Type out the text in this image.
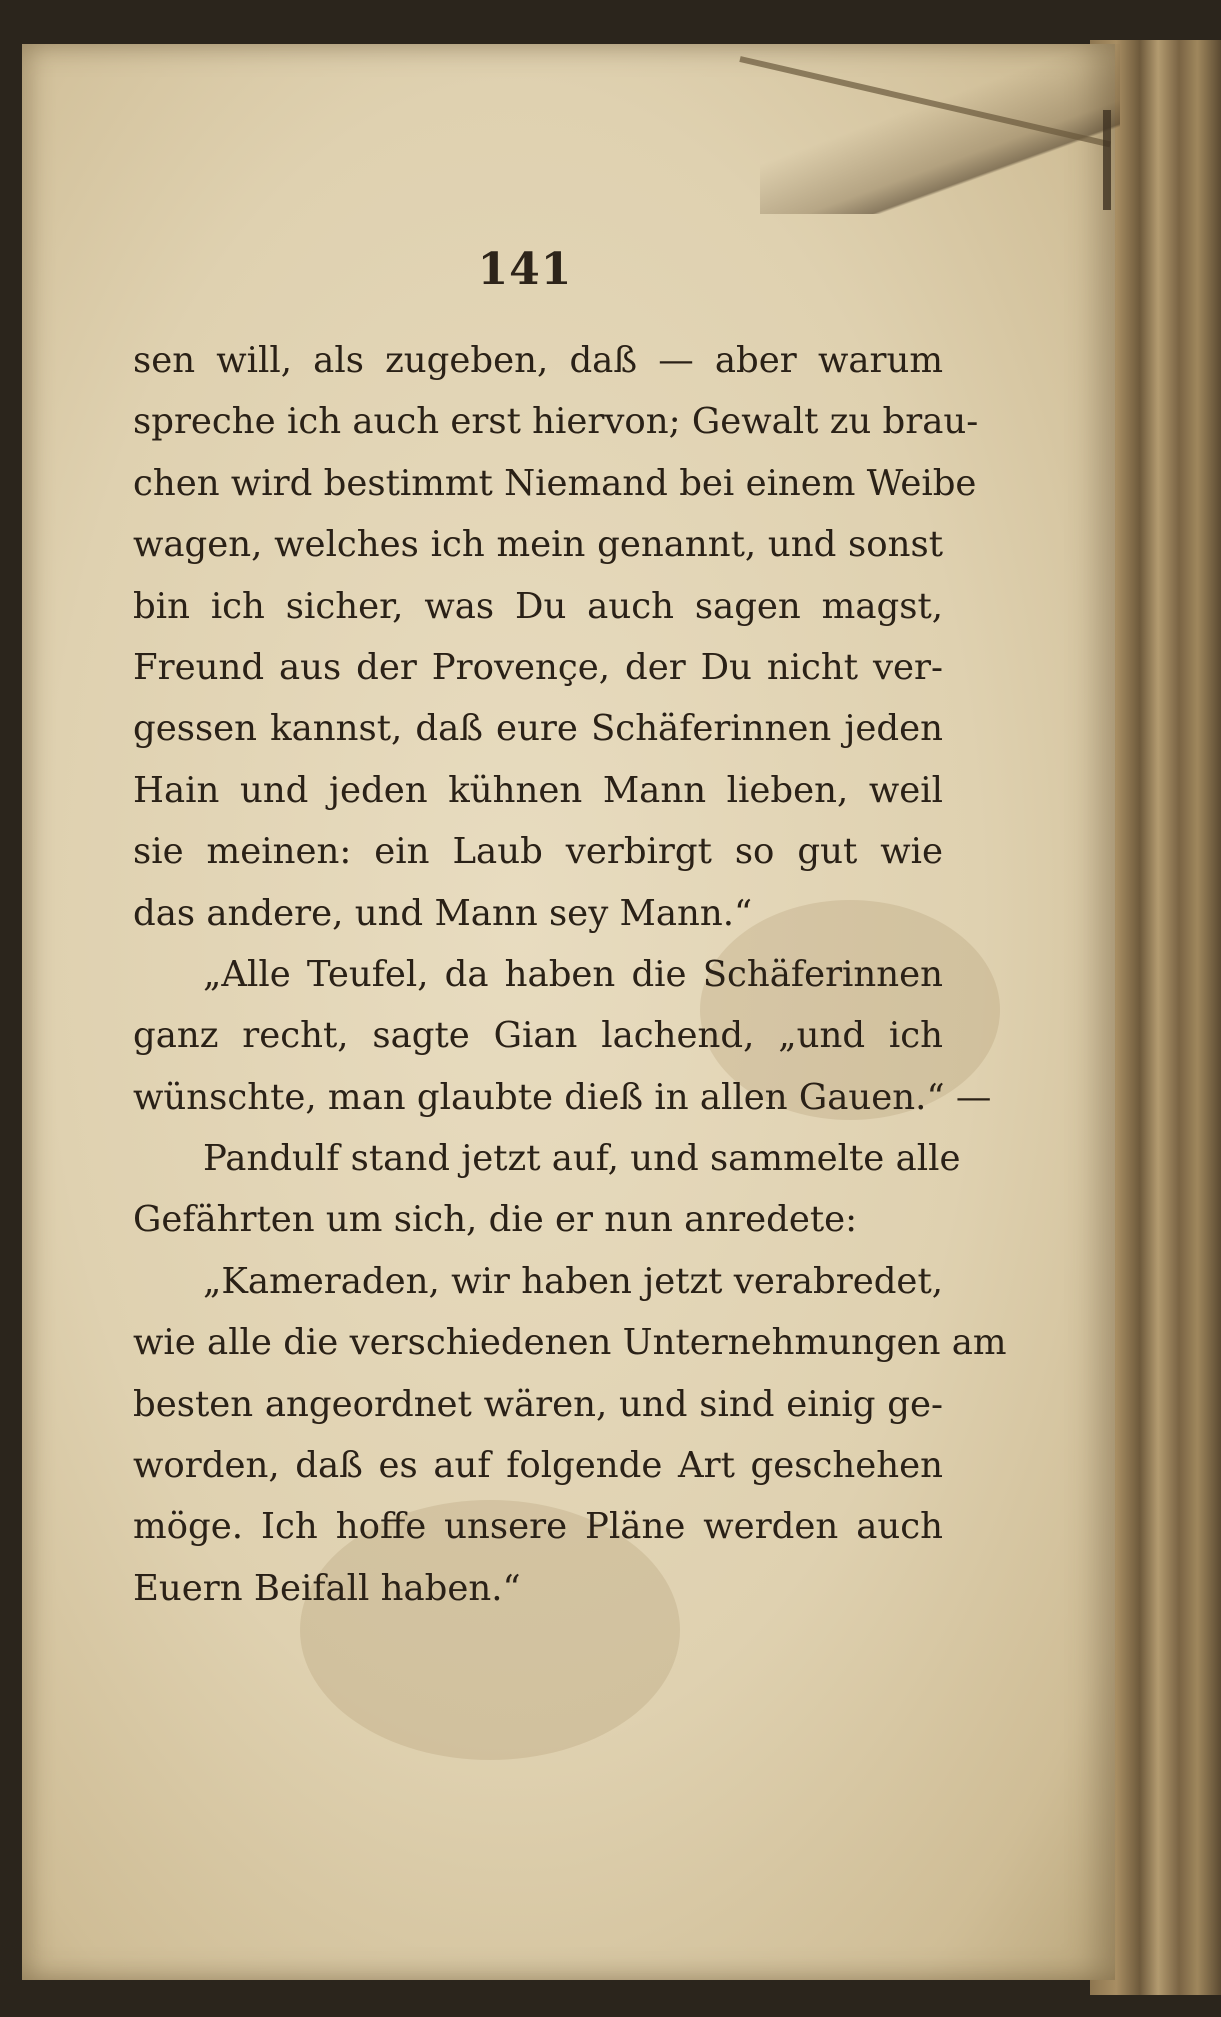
141
sen will, als zugeben, daß — aber warum
spreche ich auch erst hiervon; Gewalt zu brau-
chen wird bestimmt Niemand bei einem Weibe
wagen, welches ich mein genannt, und sonst
bin ich sicher, was Du auch sagen magst,
Freund aus der Provençe, der Du nicht ver-
gessen kannst, daß eure Schäferinnen jeden
Hain und jeden kühnen Mann lieben, weil
sie meinen: ein Laub verbirgt so gut wie
das andere, und Mann sey Mann.“
„Alle Teufel, da haben die Schäferinnen
ganz recht, sagte Gian lachend, „und ich
wünschte, man glaubte dieß in allen Gauen.“ —
Pandulf stand jetzt auf, und sammelte alle
Gefährten um sich, die er nun anredete:
„Kameraden, wir haben jetzt verabredet,
wie alle die verschiedenen Unternehmungen am
besten angeordnet wären, und sind einig ge-
worden, daß es auf folgende Art geschehen
möge. Ich hoffe unsere Pläne werden auch
Euern Beifall haben.“
